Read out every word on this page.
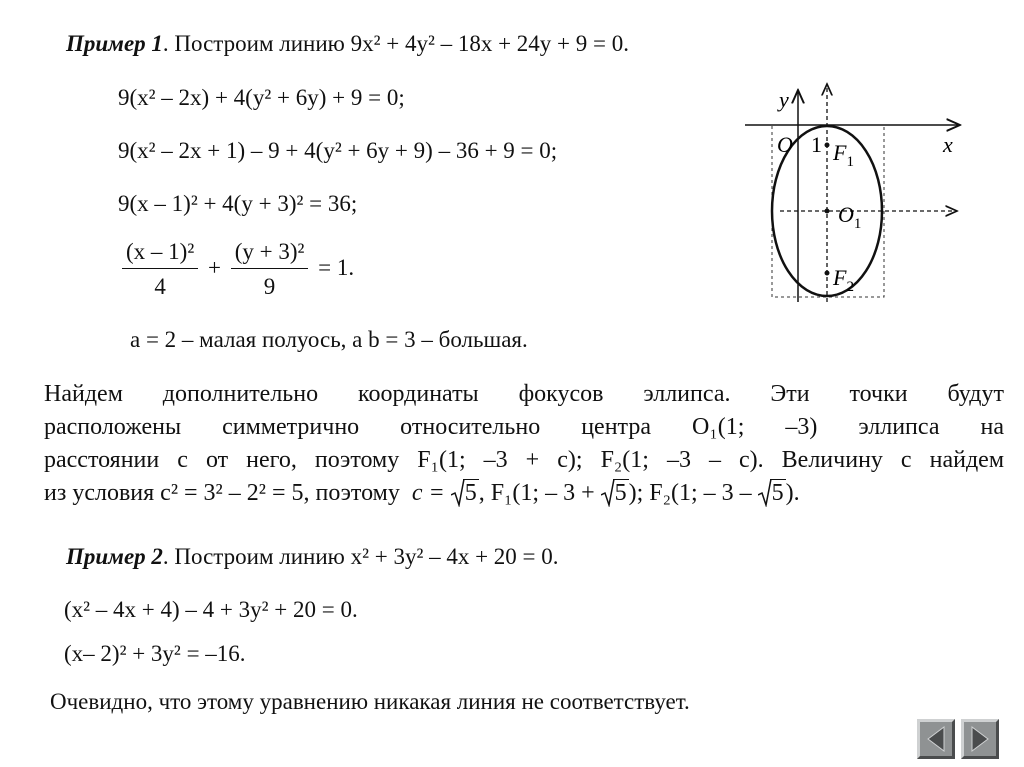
Пример 1. Построим линию 9x² + 4y² – 18x + 24y + 9 = 0.
9(x² – 2x) + 4(y² + 6y) + 9 = 0;
9(x² – 2x + 1) – 9 + 4(y² + 6y + 9) – 36 + 9 = 0;
9(x – 1)² + 4(y + 3)² = 36;
$\frac{\text{(x – 1)²}}{4} + \frac{\text{(y + 3)²}}{9} = 1$.
a = 2 – малая полуось, а b = 3 – большая.
y
x
O 1 $F_1$
$O_1$
$F_2$
Найдем дополнительно координаты фокусов эллипса. Эти точки будут
расположены симметрично относительно центра O₁(1; –3) эллипса на
расстоянии c от него, поэтому F₁(1; –3 + c); F₂(1; –3 – c). Величину c найдем
из условия c² = 3² – 2² = 5, поэтому c =
5, F₁(1; – 3 +
5); F₂(1; – 3 –
5).
Пример 2. Построим линию x² + 3y² – 4x + 20 = 0.
(x² – 4x + 4) – 4 + 3y² + 20 = 0.
(x– 2)² + 3y² = –16.
Очевидно, что этому уравнению никакая линия не соответствует.
